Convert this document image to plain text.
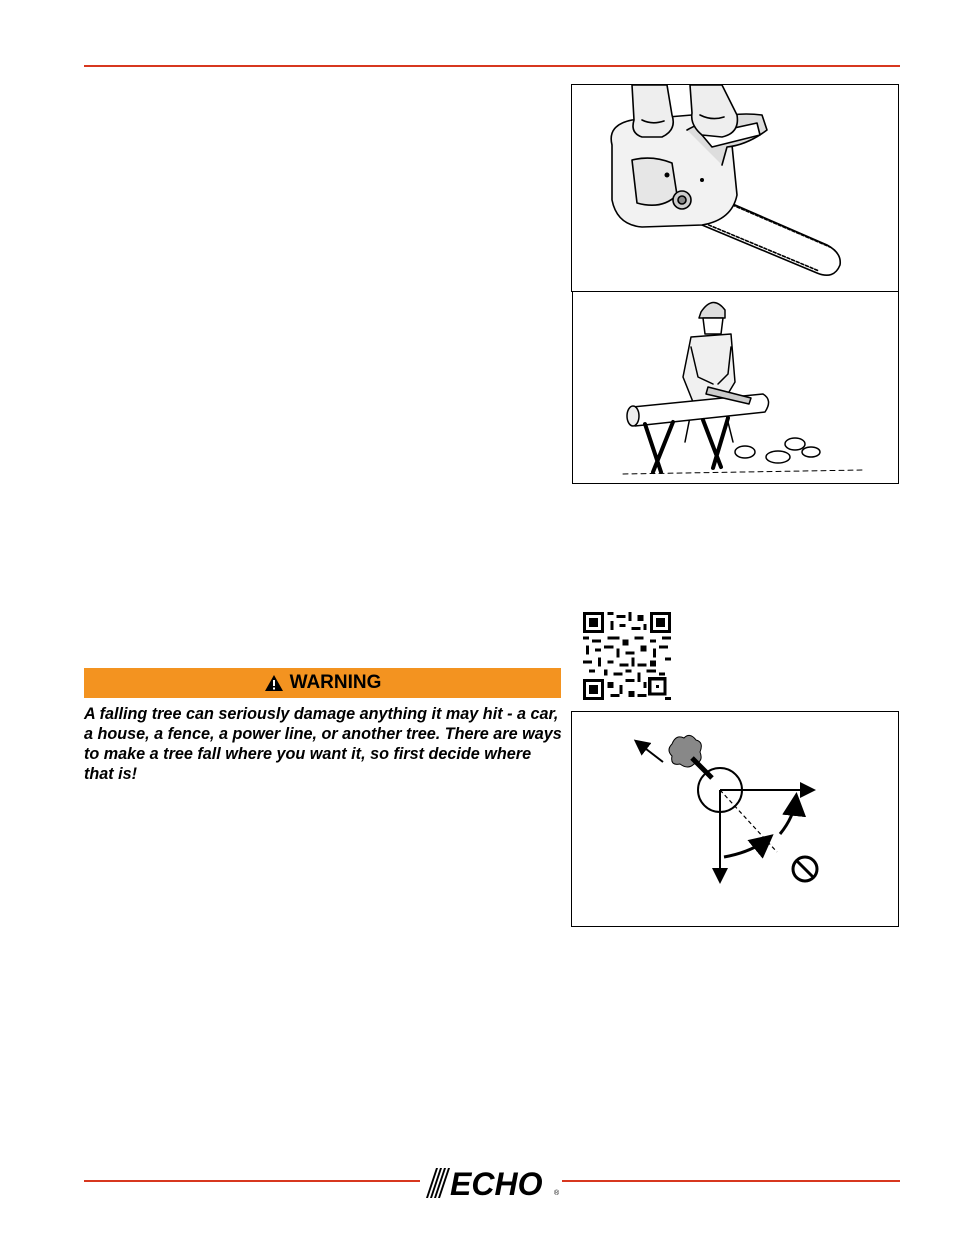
WARNING
A falling tree can seriously damage anything it may hit - a car, a house, a fence, a power line, or another tree. There are ways to make a tree fall where you want it, so first decide where that is!
ECHO ®
